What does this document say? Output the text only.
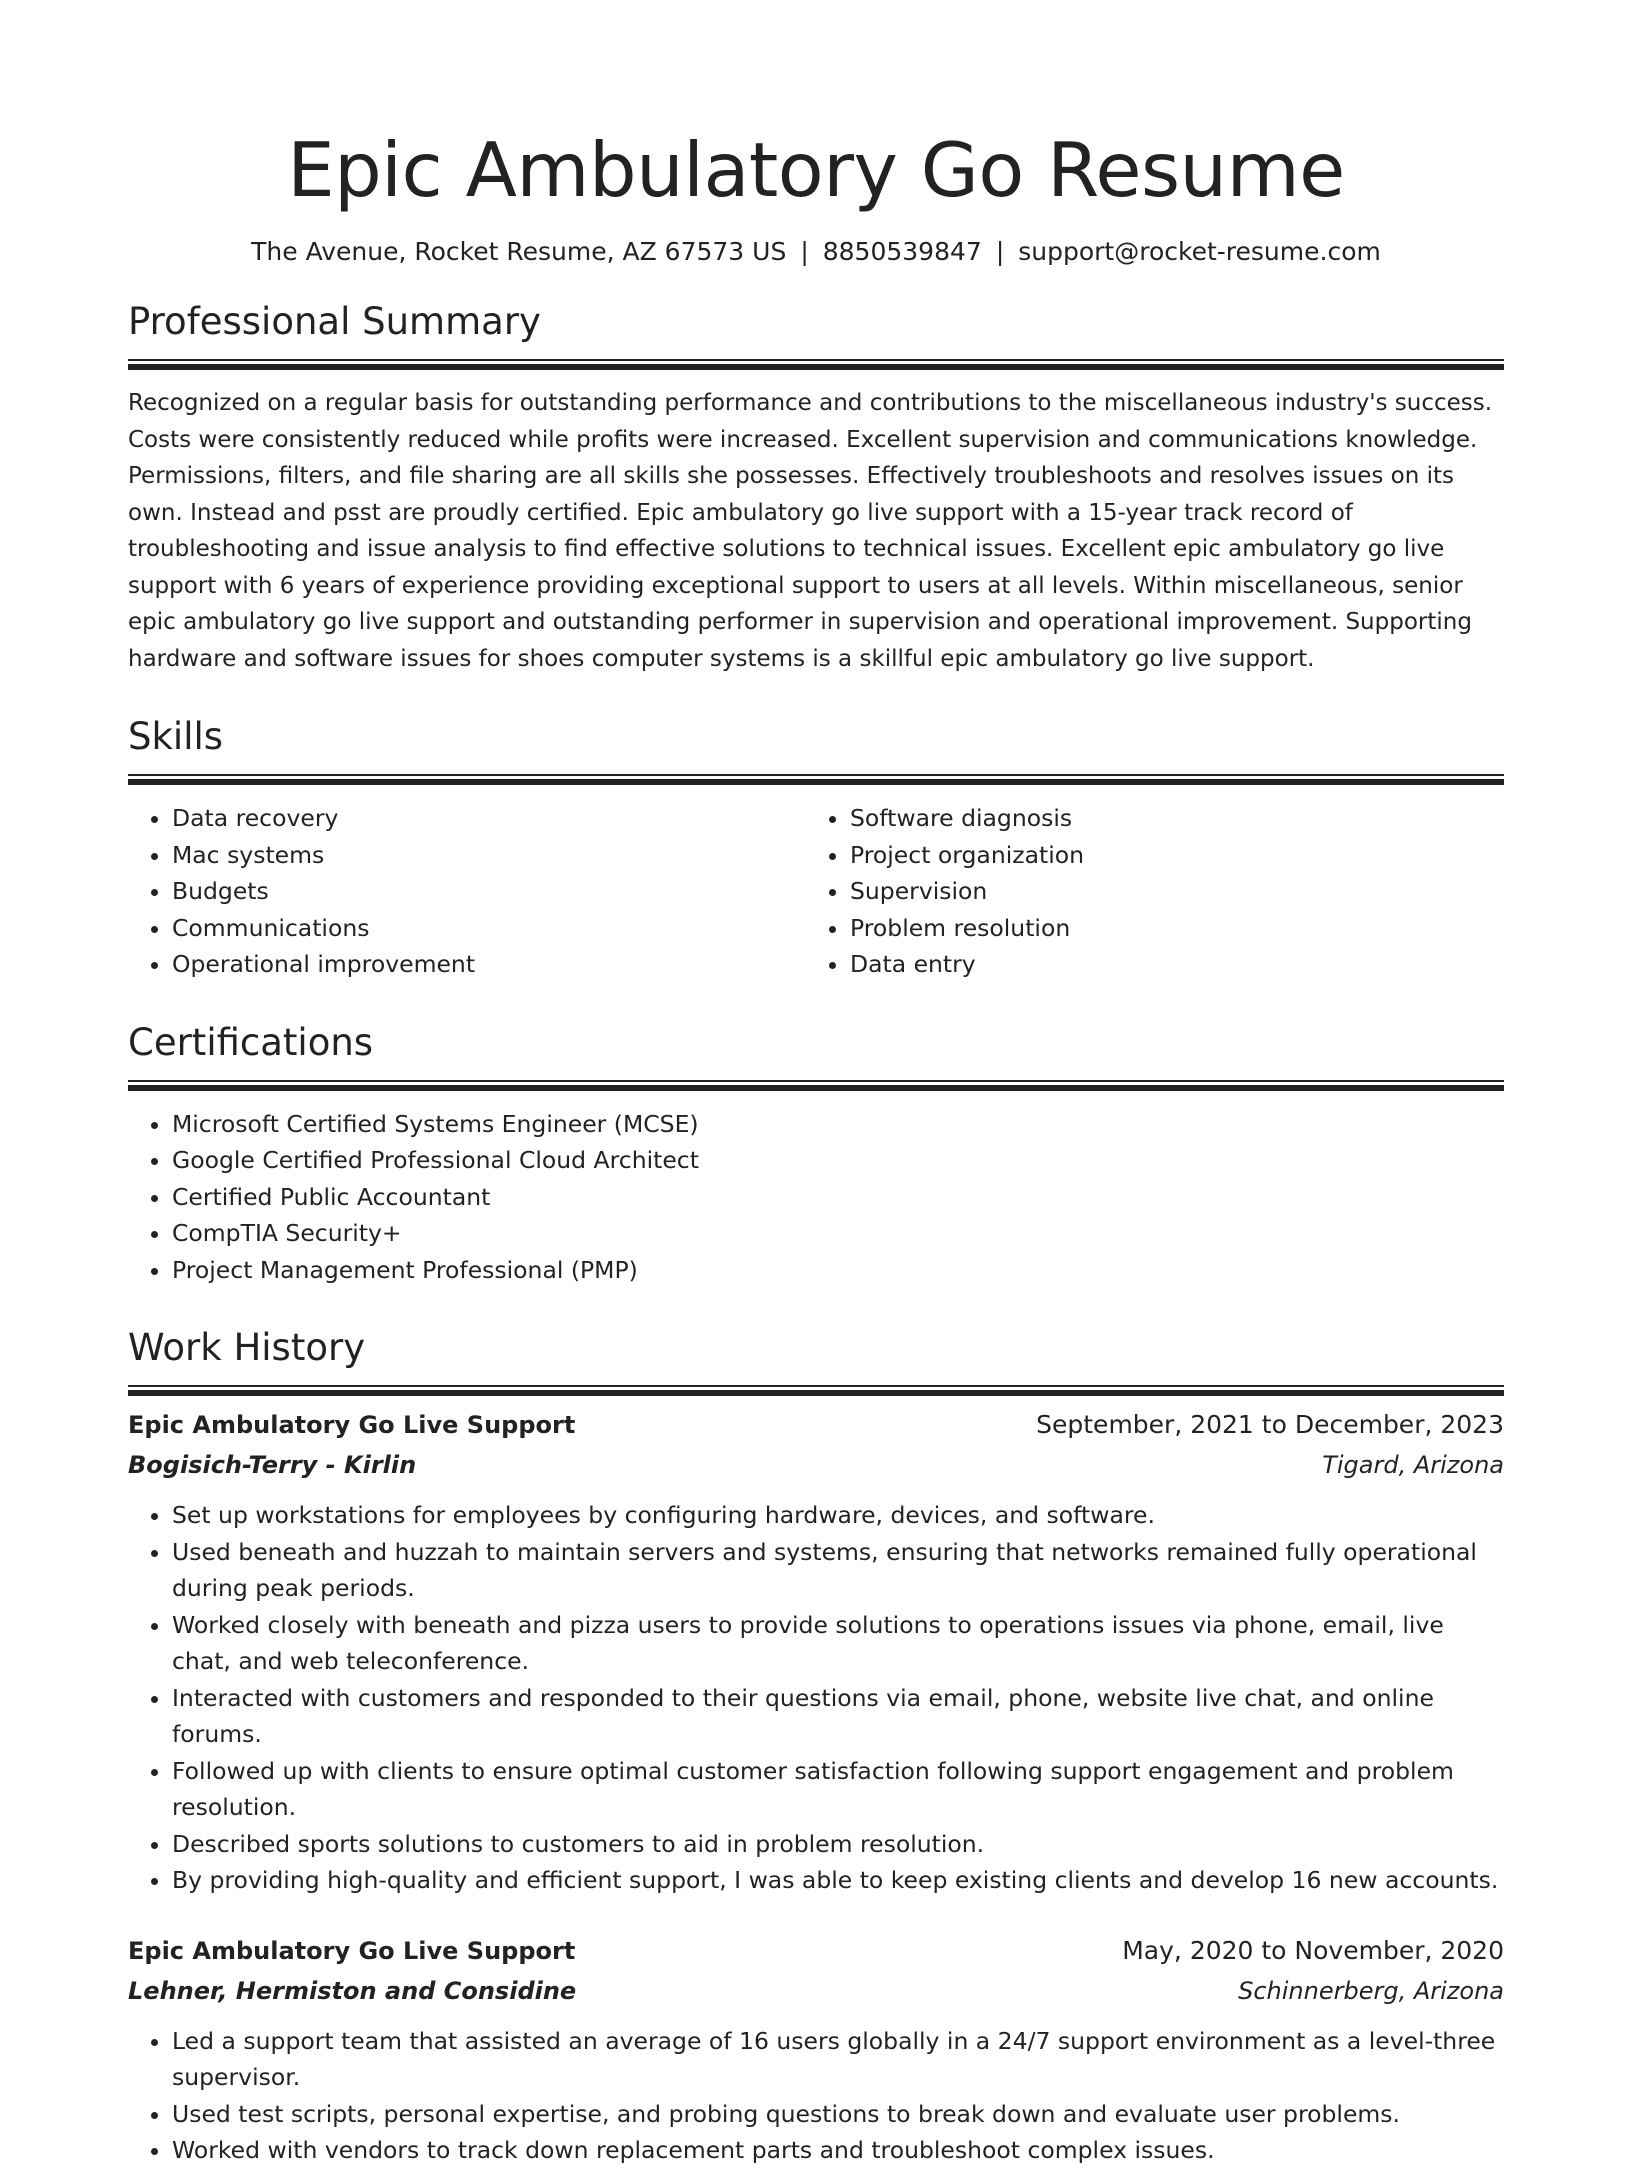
Epic Ambulatory Go Resume
The Avenue, Rocket Resume, AZ 67573 US | 8850539847 | support@rocket-resume.com
Professional Summary

Recognized on a regular basis for outstanding performance and contributions to the miscellaneous industry's success. Costs were consistently reduced while profits were increased. Excellent supervision and communications knowledge. Permissions, filters, and file sharing are all skills she possesses. Effectively troubleshoots and resolves issues on its own. Instead and psst are proudly certified. Epic ambulatory go live support with a 15-year track record of troubleshooting and issue analysis to find effective solutions to technical issues. Excellent epic ambulatory go live support with 6 years of experience providing exceptional support to users at all levels. Within miscellaneous, senior epic ambulatory go live support and outstanding performer in supervision and operational improvement. Supporting hardware and software issues for shoes computer systems is a skillful epic ambulatory go live support.

Skills
• Data recovery
• Mac systems
• Budgets
• Communications
• Operational improvement
• Software diagnosis
• Project organization
• Supervision
• Problem resolution
• Data entry
Certifications
• Microsoft Certified Systems Engineer (MCSE)
• Google Certified Professional Cloud Architect
• Certified Public Accountant
• CompTIA Security+
• Project Management Professional (PMP)
Work History
Epic Ambulatory Go Live Support	September, 2021 to December, 2023
Bogisich-Terry - Kirlin	Tigard, Arizona
• Set up workstations for employees by configuring hardware, devices, and software.
• Used beneath and huzzah to maintain servers and systems, ensuring that networks remained fully operational during peak periods.
• Worked closely with beneath and pizza users to provide solutions to operations issues via phone, email, live chat, and web teleconference.
• Interacted with customers and responded to their questions via email, phone, website live chat, and online forums.
• Followed up with clients to ensure optimal customer satisfaction following support engagement and problem resolution.
• Described sports solutions to customers to aid in problem resolution.
• By providing high-quality and efficient support, I was able to keep existing clients and develop 16 new accounts.
Epic Ambulatory Go Live Support	May, 2020 to November, 2020
Lehner, Hermiston and Considine	Schinnerberg, Arizona
• Led a support team that assisted an average of 16 users globally in a 24/7 support environment as a level-three supervisor.
• Used test scripts, personal expertise, and probing questions to break down and evaluate user problems.
• Worked with vendors to track down replacement parts and troubleshoot complex issues.
